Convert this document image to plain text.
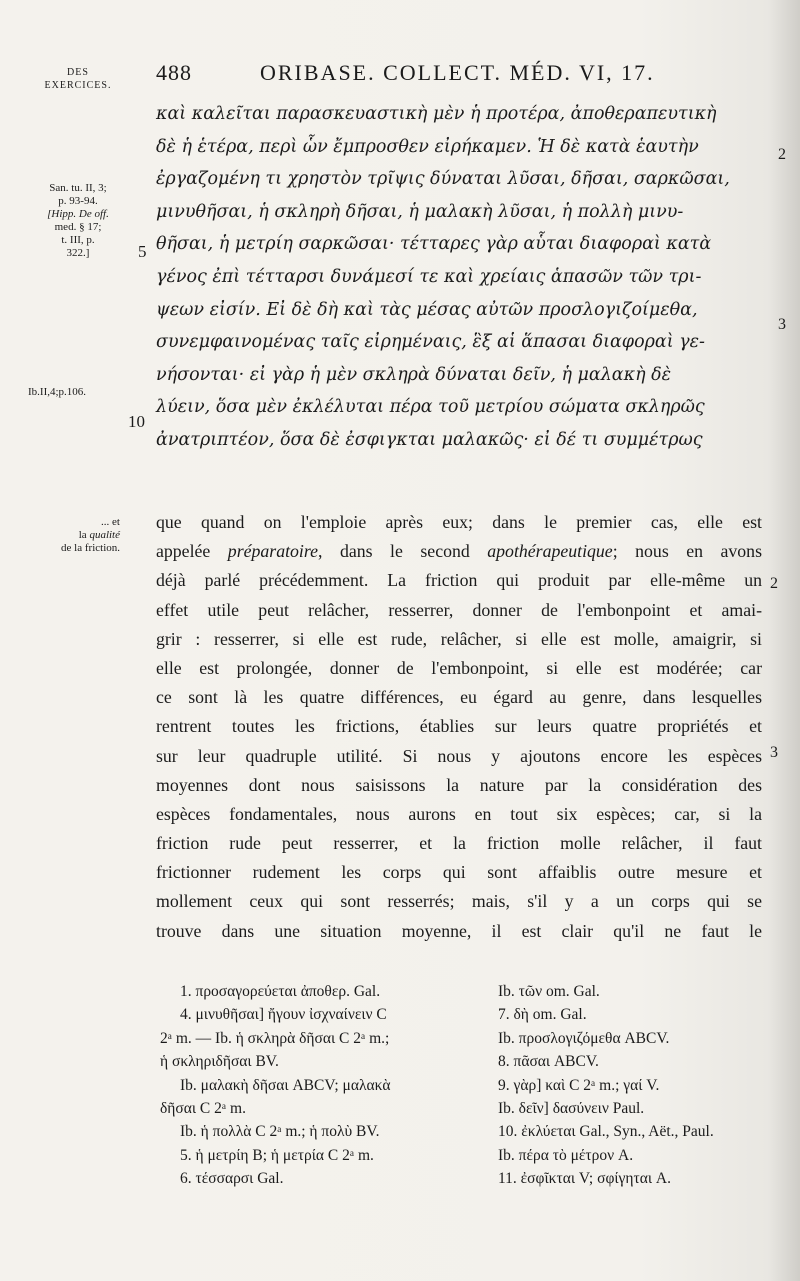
DES
EXERCICES.
San. tu. II, 3;
p. 93-94.
[Hipp. De off.
med. § 17;
t. III, p.
322.]
Ib.II,4;p.106.
... et
la qualité
de la friction.
488	ORIBASE. COLLECT. MÉD. VI, 17.
καὶ καλεῖται παρασκευαστικὴ μὲν ἡ προτέρα, ἀποθεραπευτικὴ
δὲ ἡ ἑτέρα, περὶ ὧν ἔμπροσθεν εἰρήκαμεν. Ἡ δὲ κατὰ ἑαυτὴν
ἐργαζομένη τι χρηστὸν τρῖψις δύναται λῦσαι, δῆσαι, σαρκῶσαι,
μινυθῆσαι, ἡ σκληρὴ δῆσαι, ἡ μαλακὴ λῦσαι, ἡ πολλὴ μινυ-
θῆσαι, ἡ μετρίη σαρκῶσαι· τέτταρες γὰρ αὗται διαφοραὶ κατὰ
γένος ἐπὶ τέτταρσι δυνάμεσί τε καὶ χρείαις ἁπασῶν τῶν τρι-
ψεων εἰσίν. Εἰ δὲ δὴ καὶ τὰς μέσας αὐτῶν προσλογιζοίμεθα,
συνεμφαινομένας ταῖς εἰρημέναις, ἓξ αἱ ἅπασαι διαφοραὶ γε-
νήσονται· εἰ γὰρ ἡ μὲν σκληρὰ δύναται δεῖν, ἡ μαλακὴ δὲ
λύειν, ὅσα μὲν ἐκλέλυται πέρα τοῦ μετρίου σώματα σκληρῶς
ἀνατριπτέον, ὅσα δὲ ἐσφιγκται μαλακῶς· εἰ δέ τι συμμέτρως
5
10
2
3
que quand on l'emploie après eux; dans le premier cas, elle est
appelée préparatoire, dans le second apothérapeutique; nous en avons
déjà parlé précédemment. La friction qui produit par elle-même un
effet utile peut relâcher, resserrer, donner de l'embonpoint et amai-
grir : resserrer, si elle est rude, relâcher, si elle est molle, amaigrir, si
elle est prolongée, donner de l'embonpoint, si elle est modérée; car
ce sont là les quatre différences, eu égard au genre, dans lesquelles
rentrent toutes les frictions, établies sur leurs quatre propriétés et
sur leur quadruple utilité. Si nous y ajoutons encore les espèces
moyennes dont nous saisissons la nature par la considération des
espèces fondamentales, nous aurons en tout six espèces; car, si la
friction rude peut resserrer, et la friction molle relâcher, il faut
frictionner rudement les corps qui sont affaiblis outre mesure et
mollement ceux qui sont resserrés; mais, s'il y a un corps qui se
trouve dans une situation moyenne, il est clair qu'il ne faut le
2
3
1. προσαγορεύεται ἀποθερ. Gal.
4. μινυθῆσαι] ἤγουν ἰσχναίνειν C
2ᵃ m. — Ib. ἡ σκληρὰ δῆσαι C 2ᵃ m.;
ἡ σκληριδῆσαι BV.
Ib. μαλακὴ δῆσαι ABCV; μαλακὰ
δῆσαι C 2ᵃ m.
Ib. ἡ πολλὰ C 2ᵃ m.; ἡ πολὺ BV.
5. ἡ μετρίη B; ἡ μετρία C 2ᵃ m.
6. τέσσαρσι Gal.
Ib. τῶν om. Gal.
7. δὴ om. Gal.
Ib. προσλογιζόμεθα ABCV.
8. πᾶσαι ABCV.
9. γὰρ] καὶ C 2ᵃ m.; γαί V.
Ib. δεῖν] δασύνειν Paul.
10. ἐκλύεται Gal., Syn., Aët., Paul.
Ib. πέρα τὸ μέτρον A.
11. ἐσφῖκται V; σφίγηται A.
